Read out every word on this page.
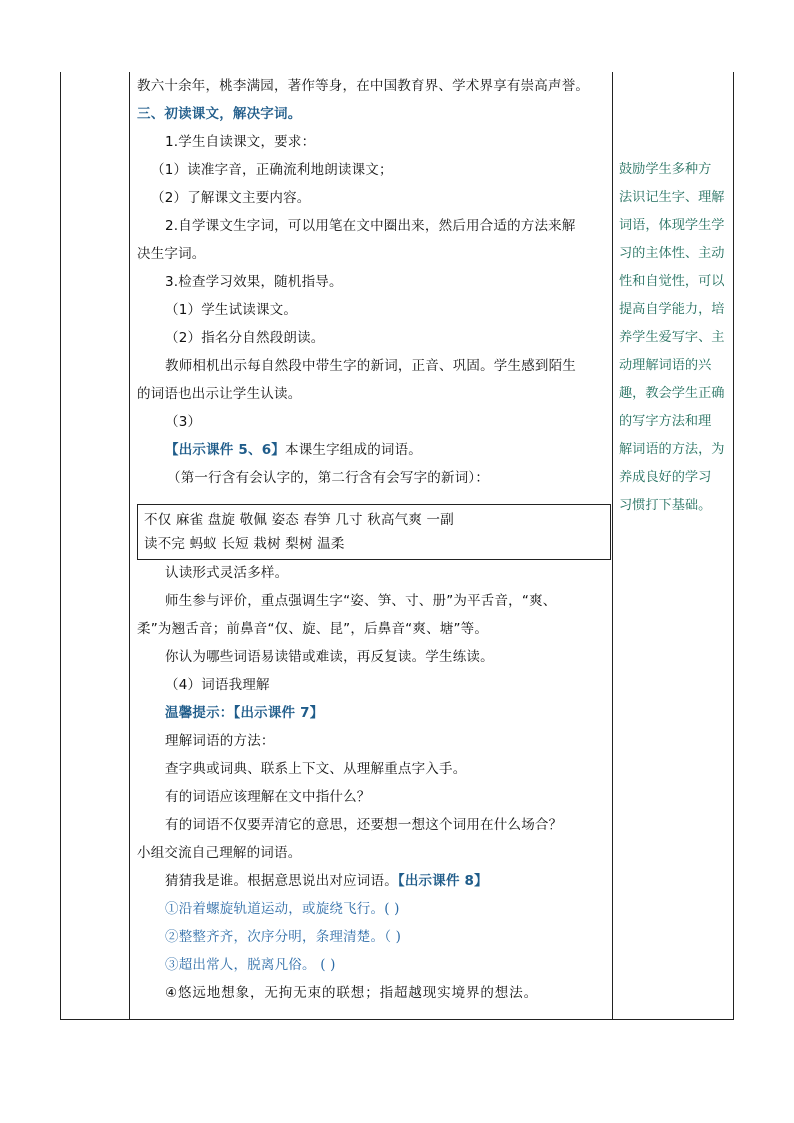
教六十余年，桃李满园，著作等身，在中国教育界、学术界享有崇高声誉。
三、初读课文，解决字词。
1.学生自读课文，要求：
（1）读准字音，正确流利地朗读课文；
（2）了解课文主要内容。
2.自学课文生字词，可以用笔在文中圈出来，然后用合适的方法来解
决生字词。
3.检查学习效果，随机指导。
（1）学生试读课文。
（2）指名分自然段朗读。
教师相机出示每自然段中带生字的新词，正音、巩固。学生感到陌生
的词语也出示让学生认读。
（3）
【出示课件 5、6】本课生字组成的词语。
（第一行含有会认字的，第二行含有会写字的新词）：
不仅 麻雀 盘旋 敬佩 姿态 春笋 几寸 秋高气爽 一副
读不完 蚂蚁 长短 栽树 梨树 温柔
认读形式灵活多样。
师生参与评价，重点强调生字“姿、笋、寸、册”为平舌音，“爽、
柔”为翘舌音；前鼻音“仅、旋、昆”，后鼻音“爽、塘”等。
你认为哪些词语易读错或难读，再反复读。学生练读。
（4）词语我理解
温馨提示：【出示课件 7】
理解词语的方法：
查字典或词典、联系上下文、从理解重点字入手。
有的词语应该理解在文中指什么？
有的词语不仅要弄清它的意思，还要想一想这个词用在什么场合？
小组交流自己理解的词语。
猜猜我是谁。根据意思说出对应词语。【出示课件 8】
①沿着螺旋轨道运动，或旋绕飞行。( )
②整整齐齐，次序分明，条理清楚。（ )
③超出常人，脱离凡俗。 ( )
④悠远地想象，无拘无束的联想；指超越现实境界的想法。
鼓励学生多种方
法识记生字、理解
词语，体现学生学
习的主体性、主动
性和自觉性，可以
提高自学能力，培
养学生爱写字、主
动理解词语的兴
趣，教会学生正确
的写字方法和理
解词语的方法，为
养成良好的学习
习惯打下基础。
